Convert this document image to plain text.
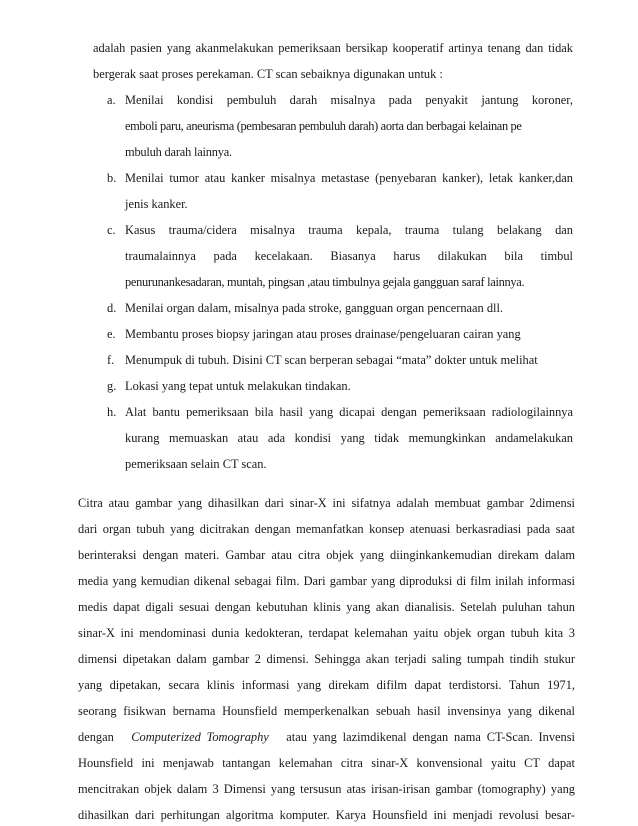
adalah pasien yang akanmelakukan pemeriksaan bersikap kooperatif artinya tenang dan tidak
bergerak saat proses perekaman. CT scan sebaiknya digunakan untuk :
a. Menilai kondisi pembuluh darah misalnya pada penyakit jantung koroner,
emboli paru, aneurisma (pembesaran pembuluh darah) aorta dan berbagai kelainan pe
mbuluh darah lainnya.
b. Menilai tumor atau kanker misalnya metastase (penyebaran kanker), letak kanker,dan
jenis kanker.
c. Kasus trauma/cidera misalnya trauma kepala, trauma tulang belakang dan
traumalainnya pada kecelakaan. Biasanya harus dilakukan bila timbul
penurunankesadaran, muntah, pingsan ,atau timbulnya gejala gangguan saraf lainnya.
d. Menilai organ dalam, misalnya pada stroke, gangguan organ pencernaan dll.
e. Membantu proses biopsy jaringan atau proses drainase/pengeluaran cairan yang
f. Menumpuk di tubuh. Disini CT scan berperan sebagai “mata” dokter untuk melihat
g. Lokasi yang tepat untuk melakukan tindakan.
h. Alat bantu pemeriksaan bila hasil yang dicapai dengan pemeriksaan radiologilainnya
kurang memuaskan atau ada kondisi yang tidak memungkinkan andamelakukan
pemeriksaan selain CT scan.
Citra atau gambar yang dihasilkan dari sinar-X ini sifatnya adalah membuat gambar 2dimensi
dari organ tubuh yang dicitrakan dengan memanfatkan konsep atenuasi berkasradiasi pada saat
berinteraksi dengan materi. Gambar atau citra objek yang diinginkankemudian direkam dalam
media yang kemudian dikenal sebagai film. Dari gambar yang diproduksi di film inilah informasi
medis dapat digali sesuai dengan kebutuhan klinis yang akan dianalisis. Setelah puluhan tahun
sinar-X ini mendominasi dunia kedokteran, terdapat kelemahan yaitu objek organ tubuh kita 3
dimensi dipetakan dalam gambar 2 dimensi. Sehingga akan terjadi saling tumpah tindih stukur
yang dipetakan, secara klinis informasi yang direkam difilm dapat terdistorsi. Tahun 1971,
seorang fisikwan bernama Hounsfield memperkenalkan sebuah hasil invensinya yang dikenal
dengan Computerized Tomography atau yang lazimdikenal dengan nama CT-Scan. Invensi
Hounsfield ini menjawab tantangan kelemahan citra sinar-X konvensional yaitu CT dapat
mencitrakan objek dalam 3 Dimensi yang tersusun atas irisan-irisan gambar (tomography) yang
dihasilkan dari perhitungan algoritma komputer. Karya Hounsfield ini menjadi revolusi besar-
